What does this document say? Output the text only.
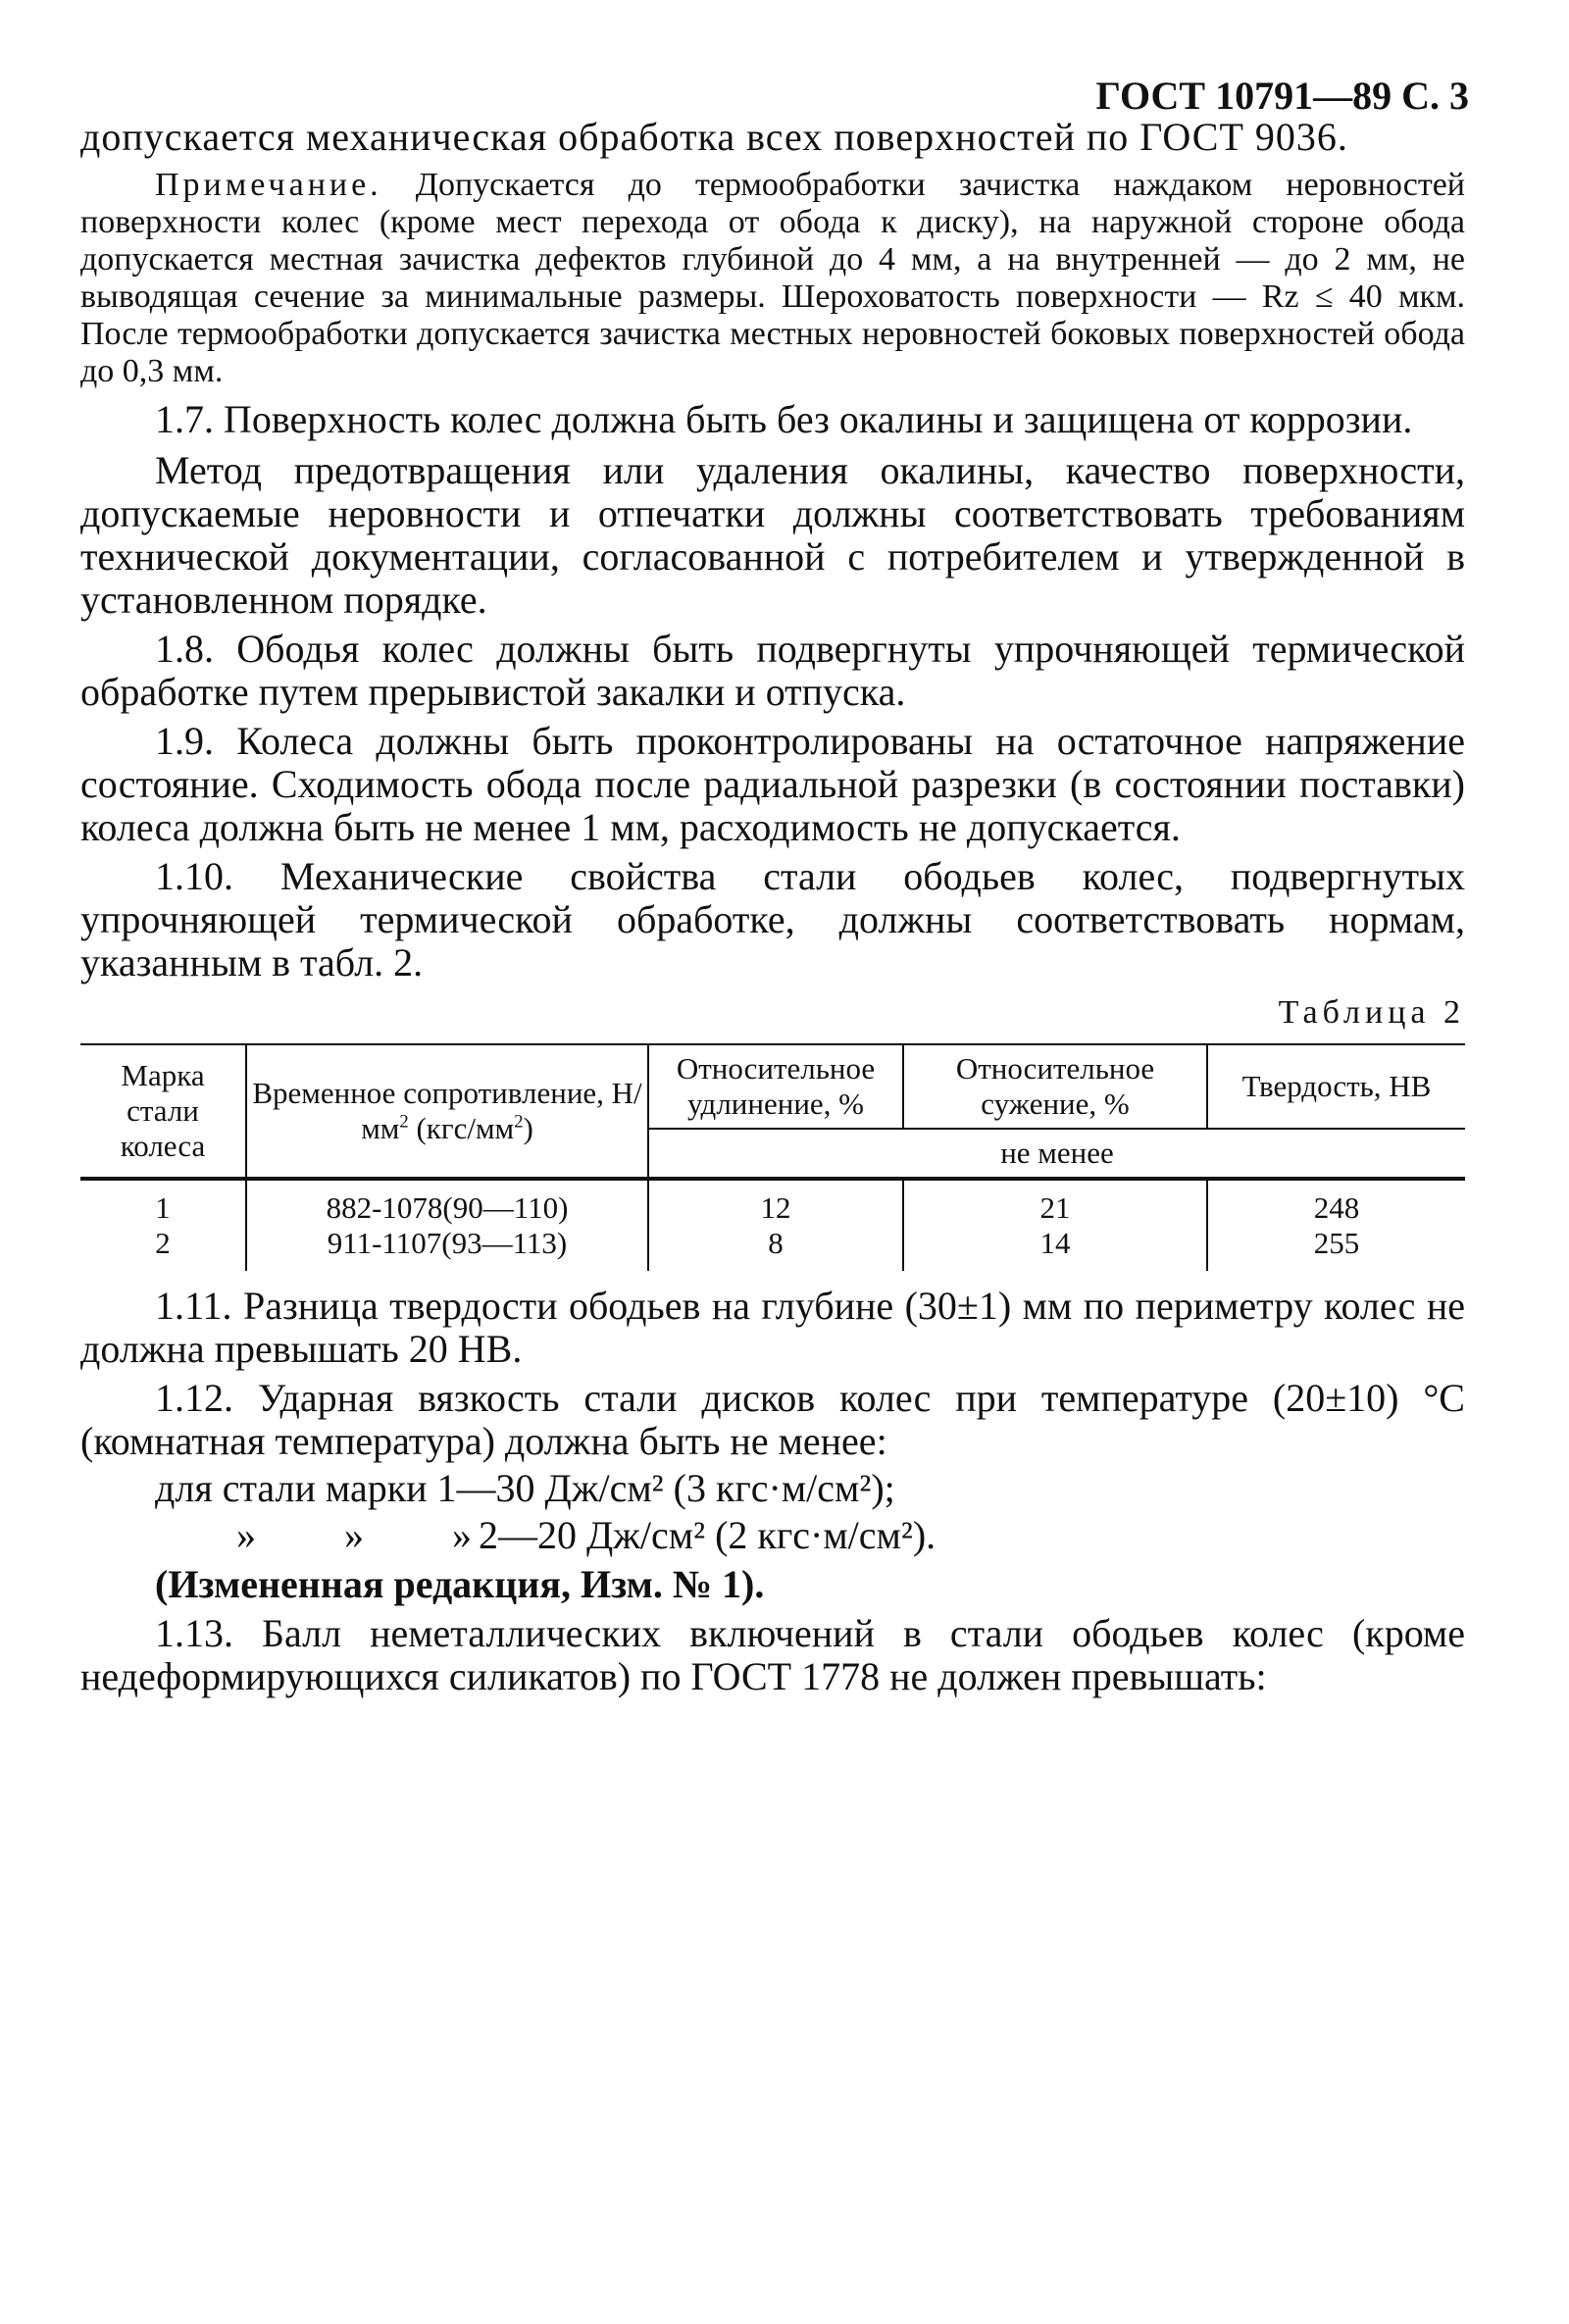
ГОСТ 10791—89 С. 3

допускается механическая обработка всех поверхностей по ГОСТ 9036.

Примечание. Допускается до термообработки зачистка наждаком неровностей поверхности колес (кроме мест перехода от обода к диску), на наружной стороне обода допускается местная зачистка дефектов глубиной до 4 мм, а на внутренней — до 2 мм, не выводящая сечение за минимальные размеры. Шероховатость поверхности — Rz ≤ 40 мкм. После термообработки допускается зачистка местных неровностей боковых поверхностей обода до 0,3 мм.

1.7. Поверхность колес должна быть без окалины и защищена от коррозии.

Метод предотвращения или удаления окалины, качество поверхности, допускаемые неровности и отпечатки должны соответствовать требованиям технической документации, согласованной с потребителем и утвержденной в установленном порядке.

1.8. Ободья колес должны быть подвергнуты упрочняющей термической обработке путем прерывистой закалки и отпуска.

1.9. Колеса должны быть проконтролированы на остаточное напряжение состояние. Сходимость обода после радиальной разрезки (в состоянии поставки) колеса должна быть не менее 1 мм, расходимость не допускается.

1.10. Механические свойства стали ободьев колес, подвергнутых упрочняющей термической обработке, должны соответствовать нормам, указанным в табл. 2.

Таблица 2
Марка стали колеса	Временное сопротивление, $Н/мм^2$ $(кгс/мм^2)$	Относительное удлинение, %	Относительное сужение, %	Твердость, НВ
		не менее		
1	882-1078(90—110)	12	21	248
2	911-1107(93—113)	8	14	255

1.11. Разница твердости ободьев на глубине (30±1) мм по периметру колес не должна превышать 20 НВ.

1.12. Ударная вязкость стали дисков колес при температуре (20±10) °С (комнатная температура) должна быть не менее:

для стали марки 1—30 Дж/см² (3 кгс·м/см²);

» » » 2—20 Дж/см² (2 кгс·м/см²).

(Измененная редакция, Изм. № 1).

1.13. Балл неметаллических включений в стали ободьев колес (кроме недеформирующихся силикатов) по ГОСТ 1778 не должен превышать:
